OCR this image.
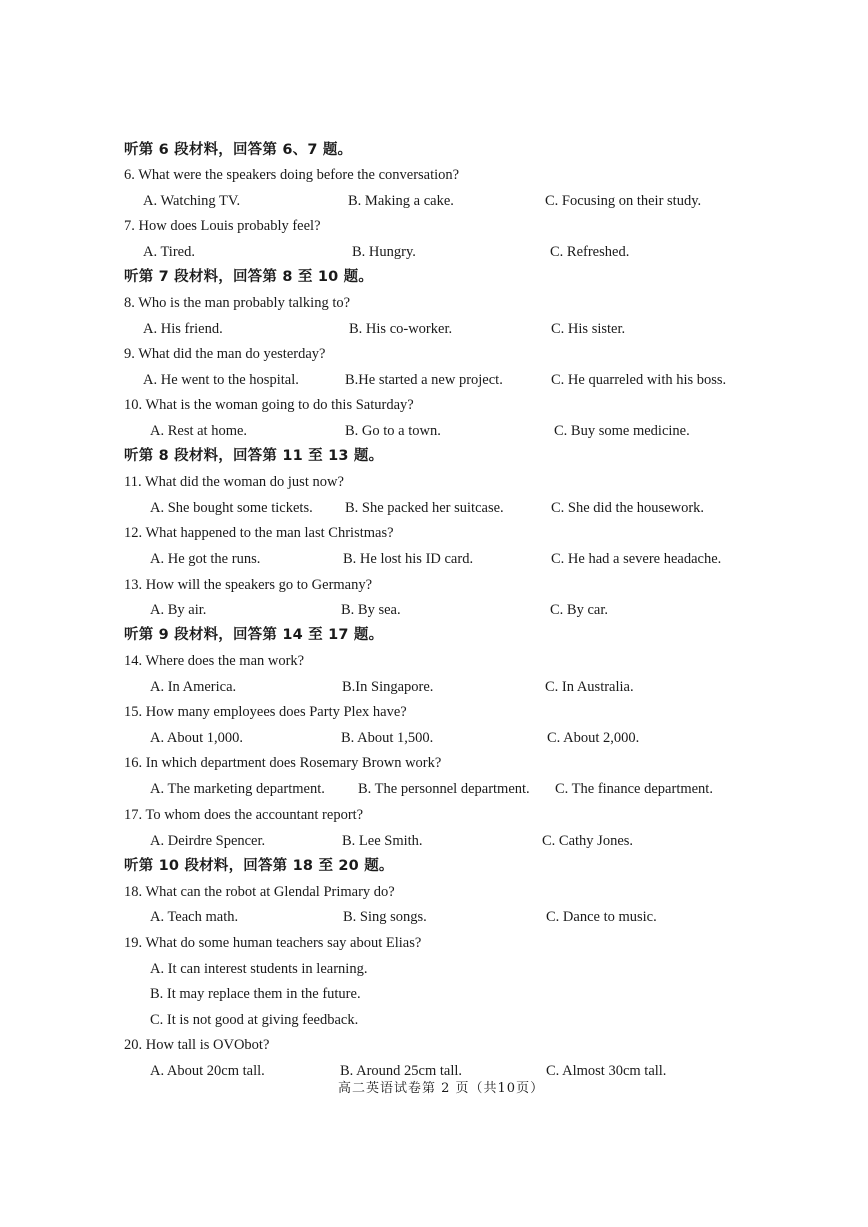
听第 6 段材料，回答第 6、7 题。
6. What were the speakers doing before the conversation?
A. Watching TV.	B. Making a cake.	C. Focusing on their study.
7. How does Louis probably feel?
A. Tired.	B. Hungry.	C. Refreshed.
听第 7 段材料，回答第 8 至 10 题。
8. Who is the man probably talking to?
A. His friend.	B. His co-worker.	C. His sister.
9. What did the man do yesterday?
A. He went to the hospital.	B.He started a new project.	C. He quarreled with his boss.
10. What is the woman going to do this Saturday?
A. Rest at home.	B. Go to a town.	C. Buy some medicine.
听第 8 段材料，回答第 11 至 13 题。
11. What did the woman do just now?
A. She bought some tickets. B. She packed her suitcase.	C. She did the housework.
12. What happened to the man last Christmas?
A. He got the runs.	B. He lost his ID card.	C. He had a severe headache.
13. How will the speakers go to Germany?
A. By air.	B. By sea.	C. By car.
听第 9 段材料，回答第 14 至 17 题。
14. Where does the man work?
A. In America.	B.In Singapore.	C. In Australia.
15. How many employees does Party Plex have?
A. About 1,000.	B. About 1,500.	C. About 2,000.
16. In which department does Rosemary Brown work?
A. The marketing department. B. The personnel department. C. The finance department.
17. To whom does the accountant report?
A. Deirdre Spencer.	B. Lee Smith.	C. Cathy Jones.
听第 10 段材料，回答第 18 至 20 题。
18. What can the robot at Glendal Primary do?
A. Teach math.	B. Sing songs.	C. Dance to music.
19. What do some human teachers say about Elias?
A. It can interest students in learning.
B. It may replace them in the future.
C. It is not good at giving feedback.
20. How tall is OVObot?
A. About 20cm tall.	B. Around 25cm tall.	C. Almost 30cm tall.
高二英语试卷第 2 页（共10页）
